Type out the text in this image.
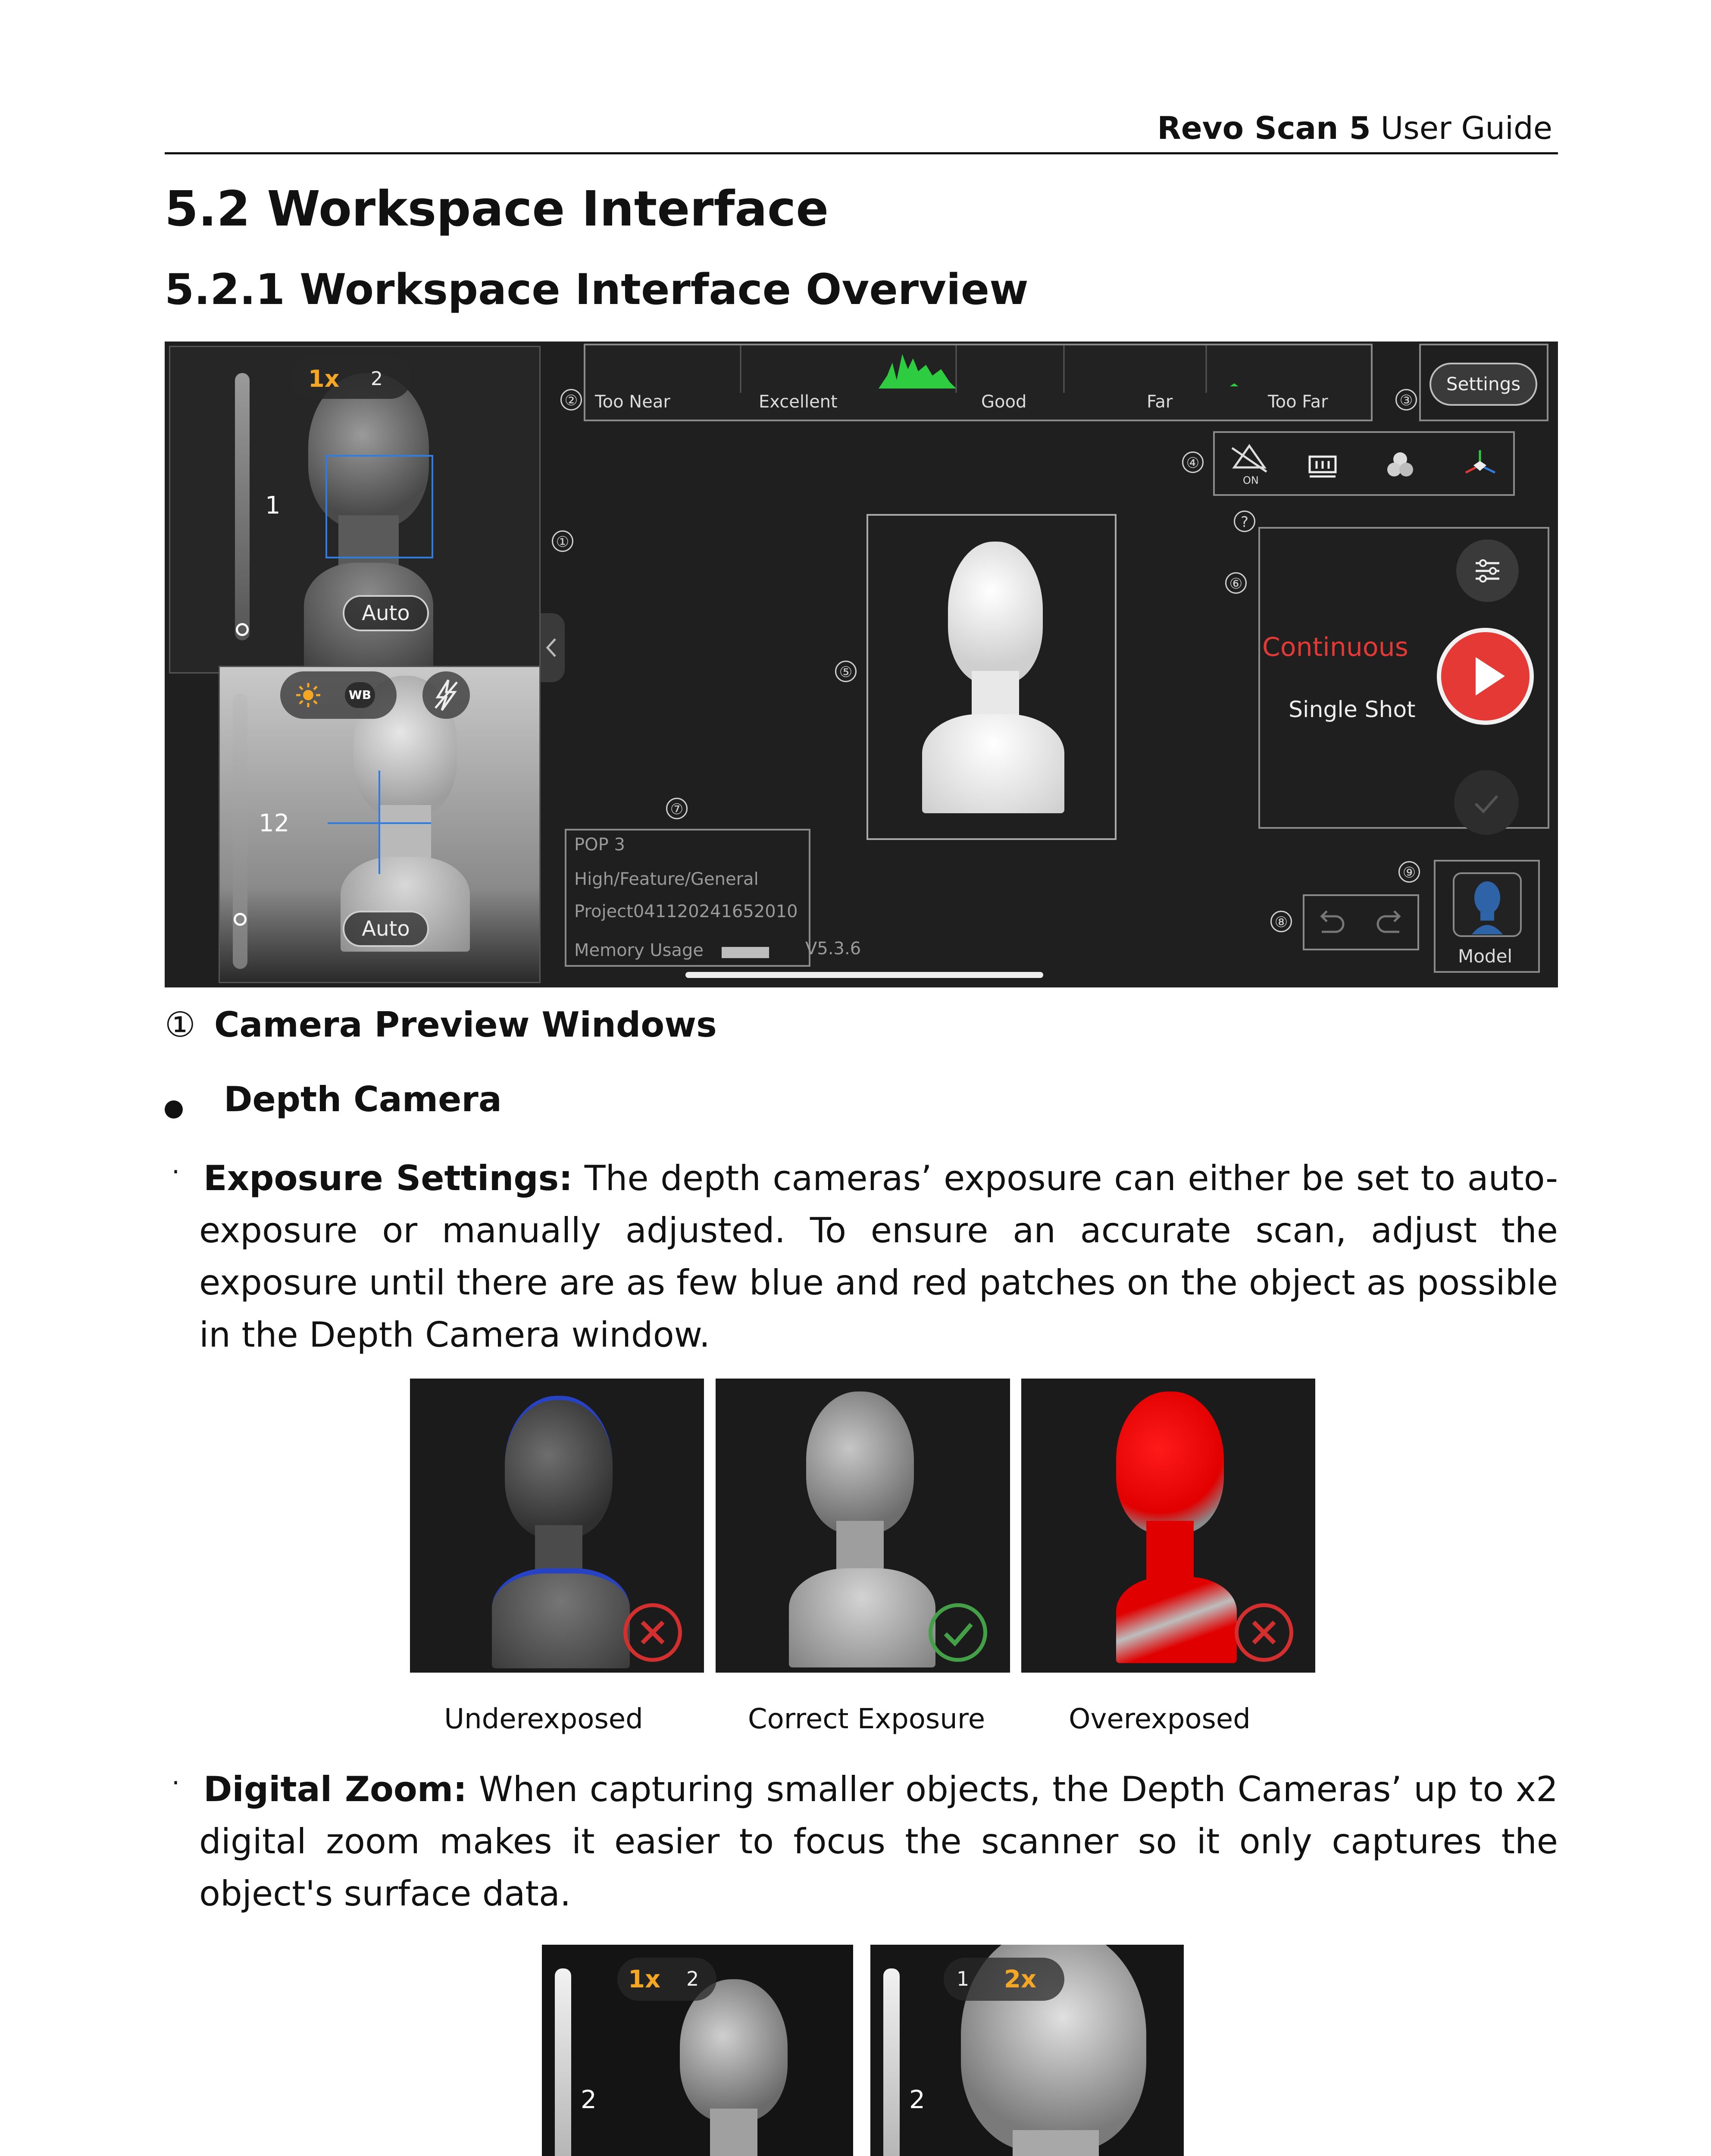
Revo Scan 5 User Guide
5.2 Workspace Interface
5.2.1 Workspace Interface Overview
1
1x 2
Auto
12
WB
Auto
①
②	③
④
⑤
⑥
⑦
⑧
⑨
?
Too Near	Excellent	Good	Far	Too Far
Settings
ON
Continuous
Single Shot
POP 3
High/Feature/General
Project041120241652010
Memory Usage	V5.3.6	Model
① Camera Preview Windows
Depth Camera
· Exposure Settings: The depth cameras’ exposure can either be set to auto-exposure or manually adjusted. To ensure an accurate scan, adjust the exposure until there are as few blue and red patches on the object as possible in the Depth Camera window.
Underexposed	Correct Exposure	Overexposed
· Digital Zoom: When capturing smaller objects, the Depth Cameras’ up to x2 digital zoom makes it easier to focus the scanner so it only captures the object's surface data.
2
1x 2
2
1 2x
